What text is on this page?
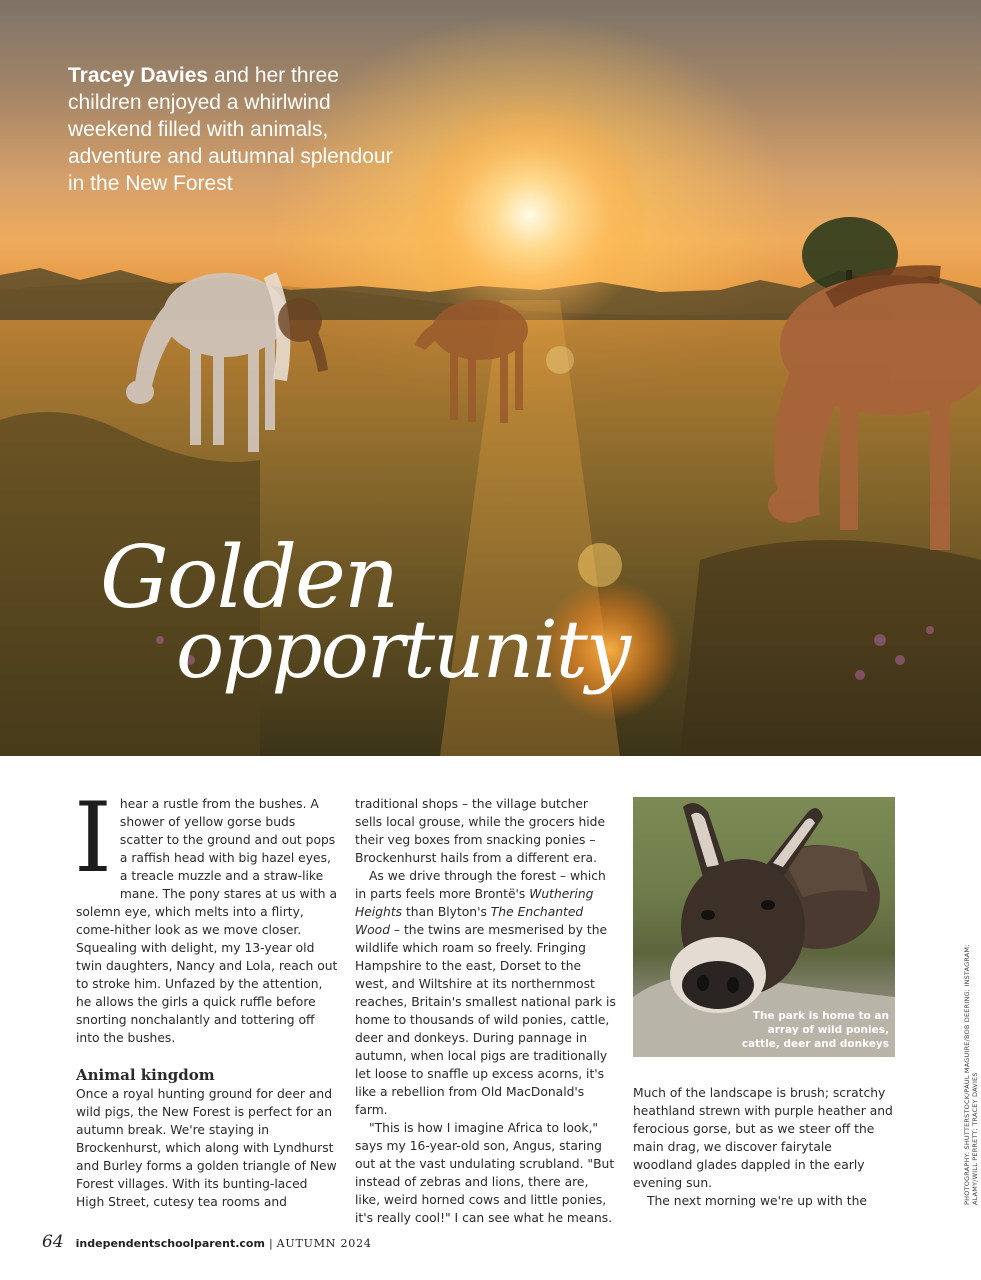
Tracey Davies and her three children enjoyed a whirlwind weekend filled with animals, adventure and autumnal splendour in the New Forest
Golden
opportunity
I hear a rustle from the bushes. A shower of yellow gorse buds scatter to the ground and out pops a raffish head with big hazel eyes, a treacle muzzle and a straw-like mane. The pony stares at us with a solemn eye, which melts into a flirty, come-hither look as we move closer. Squealing with delight, my 13-year old twin daughters, Nancy and Lola, reach out to stroke him. Unfazed by the attention, he allows the girls a quick ruffle before snorting nonchalantly and tottering off into the bushes.

Animal kingdom

Once a royal hunting ground for deer and wild pigs, the New Forest is perfect for an autumn break. We're staying in Brockenhurst, which along with Lyndhurst and Burley forms a golden triangle of New Forest villages. With its bunting-laced High Street, cutesy tea rooms and

traditional shops – the village butcher sells local grouse, while the grocers hide their veg boxes from snacking ponies – Brockenhurst hails from a different era.

As we drive through the forest – which in parts feels more Brontë's Wuthering Heights than Blyton's The Enchanted Wood – the twins are mesmerised by the wildlife which roam so freely. Fringing Hampshire to the east, Dorset to the west, and Wiltshire at its northernmost reaches, Britain's smallest national park is home to thousands of wild ponies, cattle, deer and donkeys. During pannage in autumn, when local pigs are traditionally let loose to snaffle up excess acorns, it's like a rebellion from Old MacDonald's farm.

"This is how I imagine Africa to look," says my 16-year-old son, Angus, staring out at the vast undulating scrubland. "But instead of zebras and lions, there are, like, weird horned cows and little ponies, it's really cool!" I can see what he means.

The park is home to an array of wild ponies, cattle, deer and donkeys

Much of the landscape is brush; scratchy heathland strewn with purple heather and ferocious gorse, but as we steer off the main drag, we discover fairytale woodland glades dappled in the early evening sun.

The next morning we're up with the	PHOTOGRAPHY: SHUTTERSTOCK/PAUL MAGUIRE/BOB DEERING; INSTAGRAM; ALAMY/WILL PERRETT; TRACEY DAVIES
64 independentschoolparent.com | AUTUMN 2024
